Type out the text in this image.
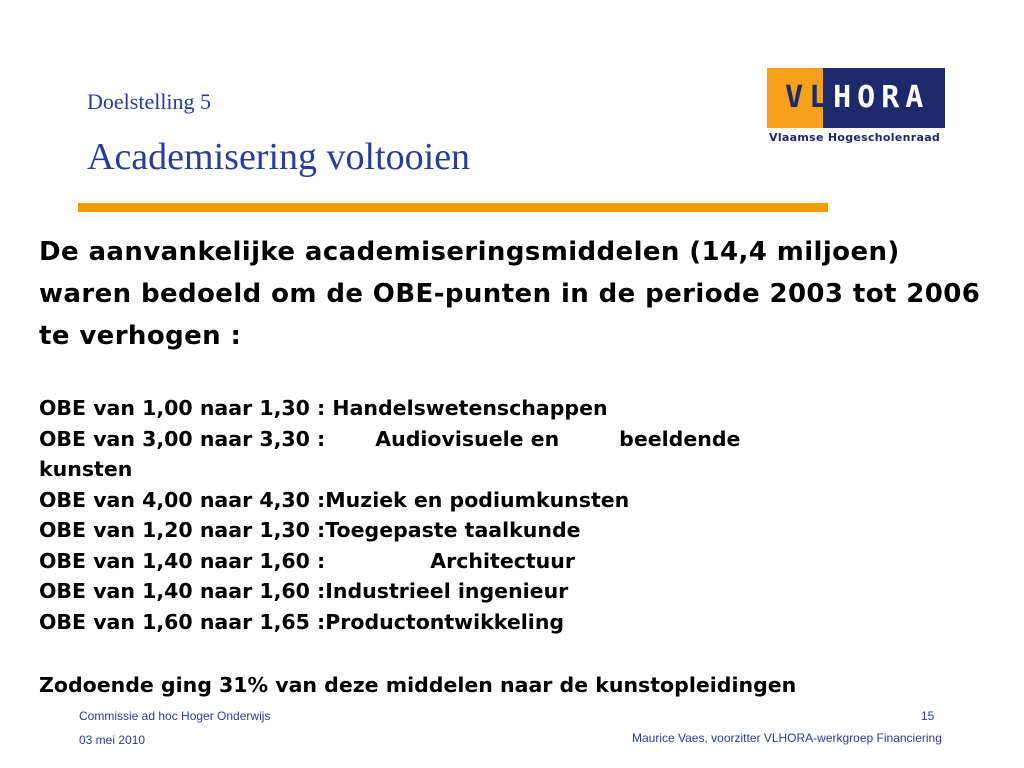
Doelstelling 5
Academisering voltooien
VLHORA
Vlaamse Hogescholenraad
De aanvankelijke academiseringsmiddelen (14,4 miljoen) waren bedoeld om de OBE-punten in de periode 2003 tot 2006 te verhogen :
OBE van 1,00 naar 1,30 : Handelswetenschappen
OBE van 3,00 naar 3,30 : Audiovisuele en	beeldende
kunsten
OBE van 4,00 naar 4,30 :Muziek en podiumkunsten
OBE van 1,20 naar 1,30 :Toegepaste taalkunde
OBE van 1,40 naar 1,60 :	Architectuur
OBE van 1,40 naar 1,60 :Industrieel ingenieur
OBE van 1,60 naar 1,65 :Productontwikkeling
Zodoende ging 31% van deze middelen naar de kunstopleidingen
Commissie ad hoc Hoger Onderwijs
03 mei 2010
15
Maurice Vaes, voorzitter VLHORA-werkgroep Financiering
